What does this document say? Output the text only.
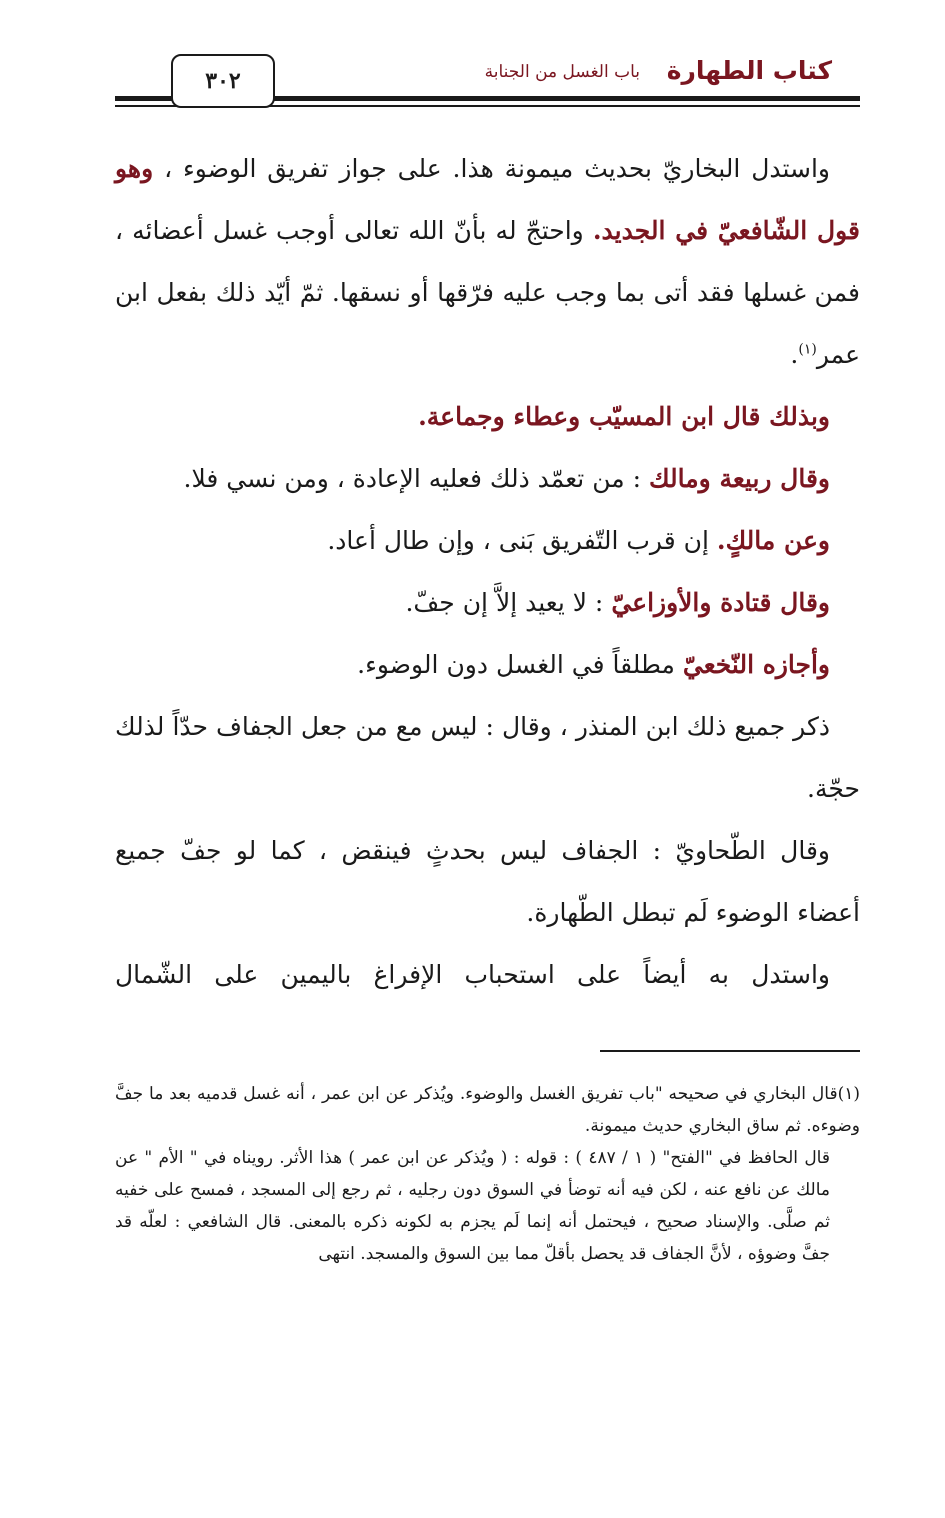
٣٠٢	باب الغسل من الجنابة كتاب الطهارة

واستدل البخاريّ بحديث ميمونة هذا. على جواز تفريق الوضوء ، وهو قول الشّافعيّ في الجديد. واحتجّ له بأنّ الله تعالى أوجب غسل أعضائه ، فمن غسلها فقد أتى بما وجب عليه فرّقها أو نسقها. ثمّ أيّد ذلك بفعل ابن عمر$^{(١)}$.

وبذلك قال ابن المسيّب وعطاء وجماعة.

وقال ربيعة ومالك : من تعمّد ذلك فعليه الإعادة ، ومن نسي فلا.

وعن مالكٍ. إن قرب التّفريق بَنى ، وإن طال أعاد.

وقال قتادة والأوزاعيّ : لا يعيد إلاَّ إن جفّ.

وأجازه النّخعيّ مطلقاً في الغسل دون الوضوء.

ذكر جميع ذلك ابن المنذر ، وقال : ليس مع من جعل الجفاف حدّاً لذلك حجّة.

وقال الطّحاويّ : الجفاف ليس بحدثٍ فينقض ، كما لو جفّ جميع أعضاء الوضوء لَم تبطل الطّهارة.

واستدل به أيضاً على استحباب الإفراغ باليمين على الشّمال

(١)قال البخاري في صحيحه "باب تفريق الغسل والوضوء. ويُذكر عن ابن عمر ، أنه غسل قدميه بعد ما جفَّ وضوءه. ثم ساق البخاري حديث ميمونة.

قال الحافظ في "الفتح" ( ١ / ٤٨٧ ) : قوله : ( ويُذكر عن ابن عمر ) هذا الأثر. رويناه في " الأم " عن مالك عن نافع عنه ، لكن فيه أنه توضأ في السوق دون رجليه ، ثم رجع إلى المسجد ، فمسح على خفيه ثم صلَّى. والإسناد صحيح ، فيحتمل أنه إنما لَم يجزم به لكونه ذكره بالمعنى. قال الشافعي : لعلّه قد جفَّ وضوؤه ، لأنَّ الجفاف قد يحصل بأقلّ مما بين السوق والمسجد. انتهى
